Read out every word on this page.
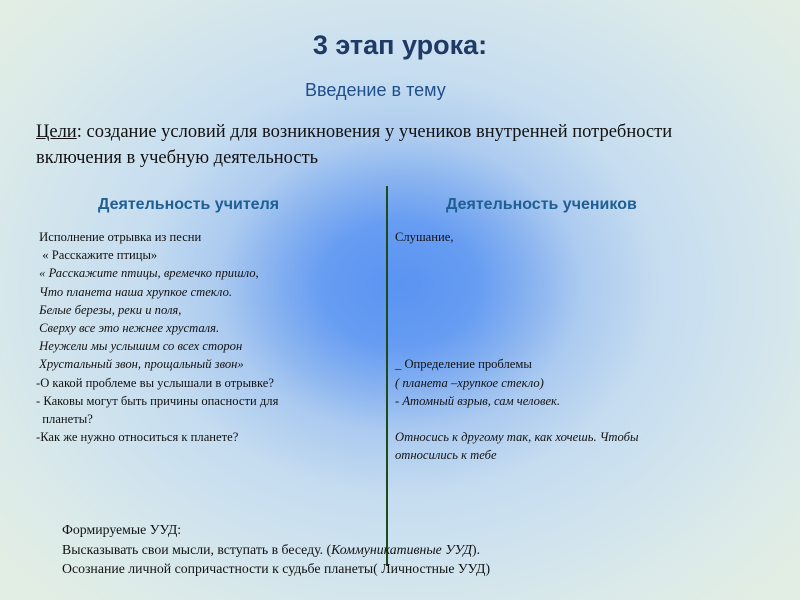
3 этап урока:
Введение в тему
Цели: создание условий для возникновения у учеников внутренней потребности включения в учебную деятельность
Деятельность учителя	Деятельность учеников
Исполнение отрывка из песни
« Расскажите птицы»
« Расскажите птицы, времечко пришло,
Что планета наша хрупкое стекло.
Белые березы, реки и поля,
Сверху все это нежнее хрусталя.
Неужели мы услышим со всех сторон
Хрустальный звон, прощальный звон»
-О какой проблеме вы услышали в отрывке?
- Каковы могут быть причины опасности для
планеты?
-Как же нужно относиться к планете?
Слушание,
_ Определение проблемы
( планета –хрупкое стекло)
- Атомный взрыв, сам человек.
Относись к другому так, как хочешь. Чтобы
относились к тебе
Формируемые УУД:
Высказывать свои мысли, вступать в беседу. (Коммуникативные УУД).
Осознание личной сопричастности к судьбе планеты( Личностные УУД)
